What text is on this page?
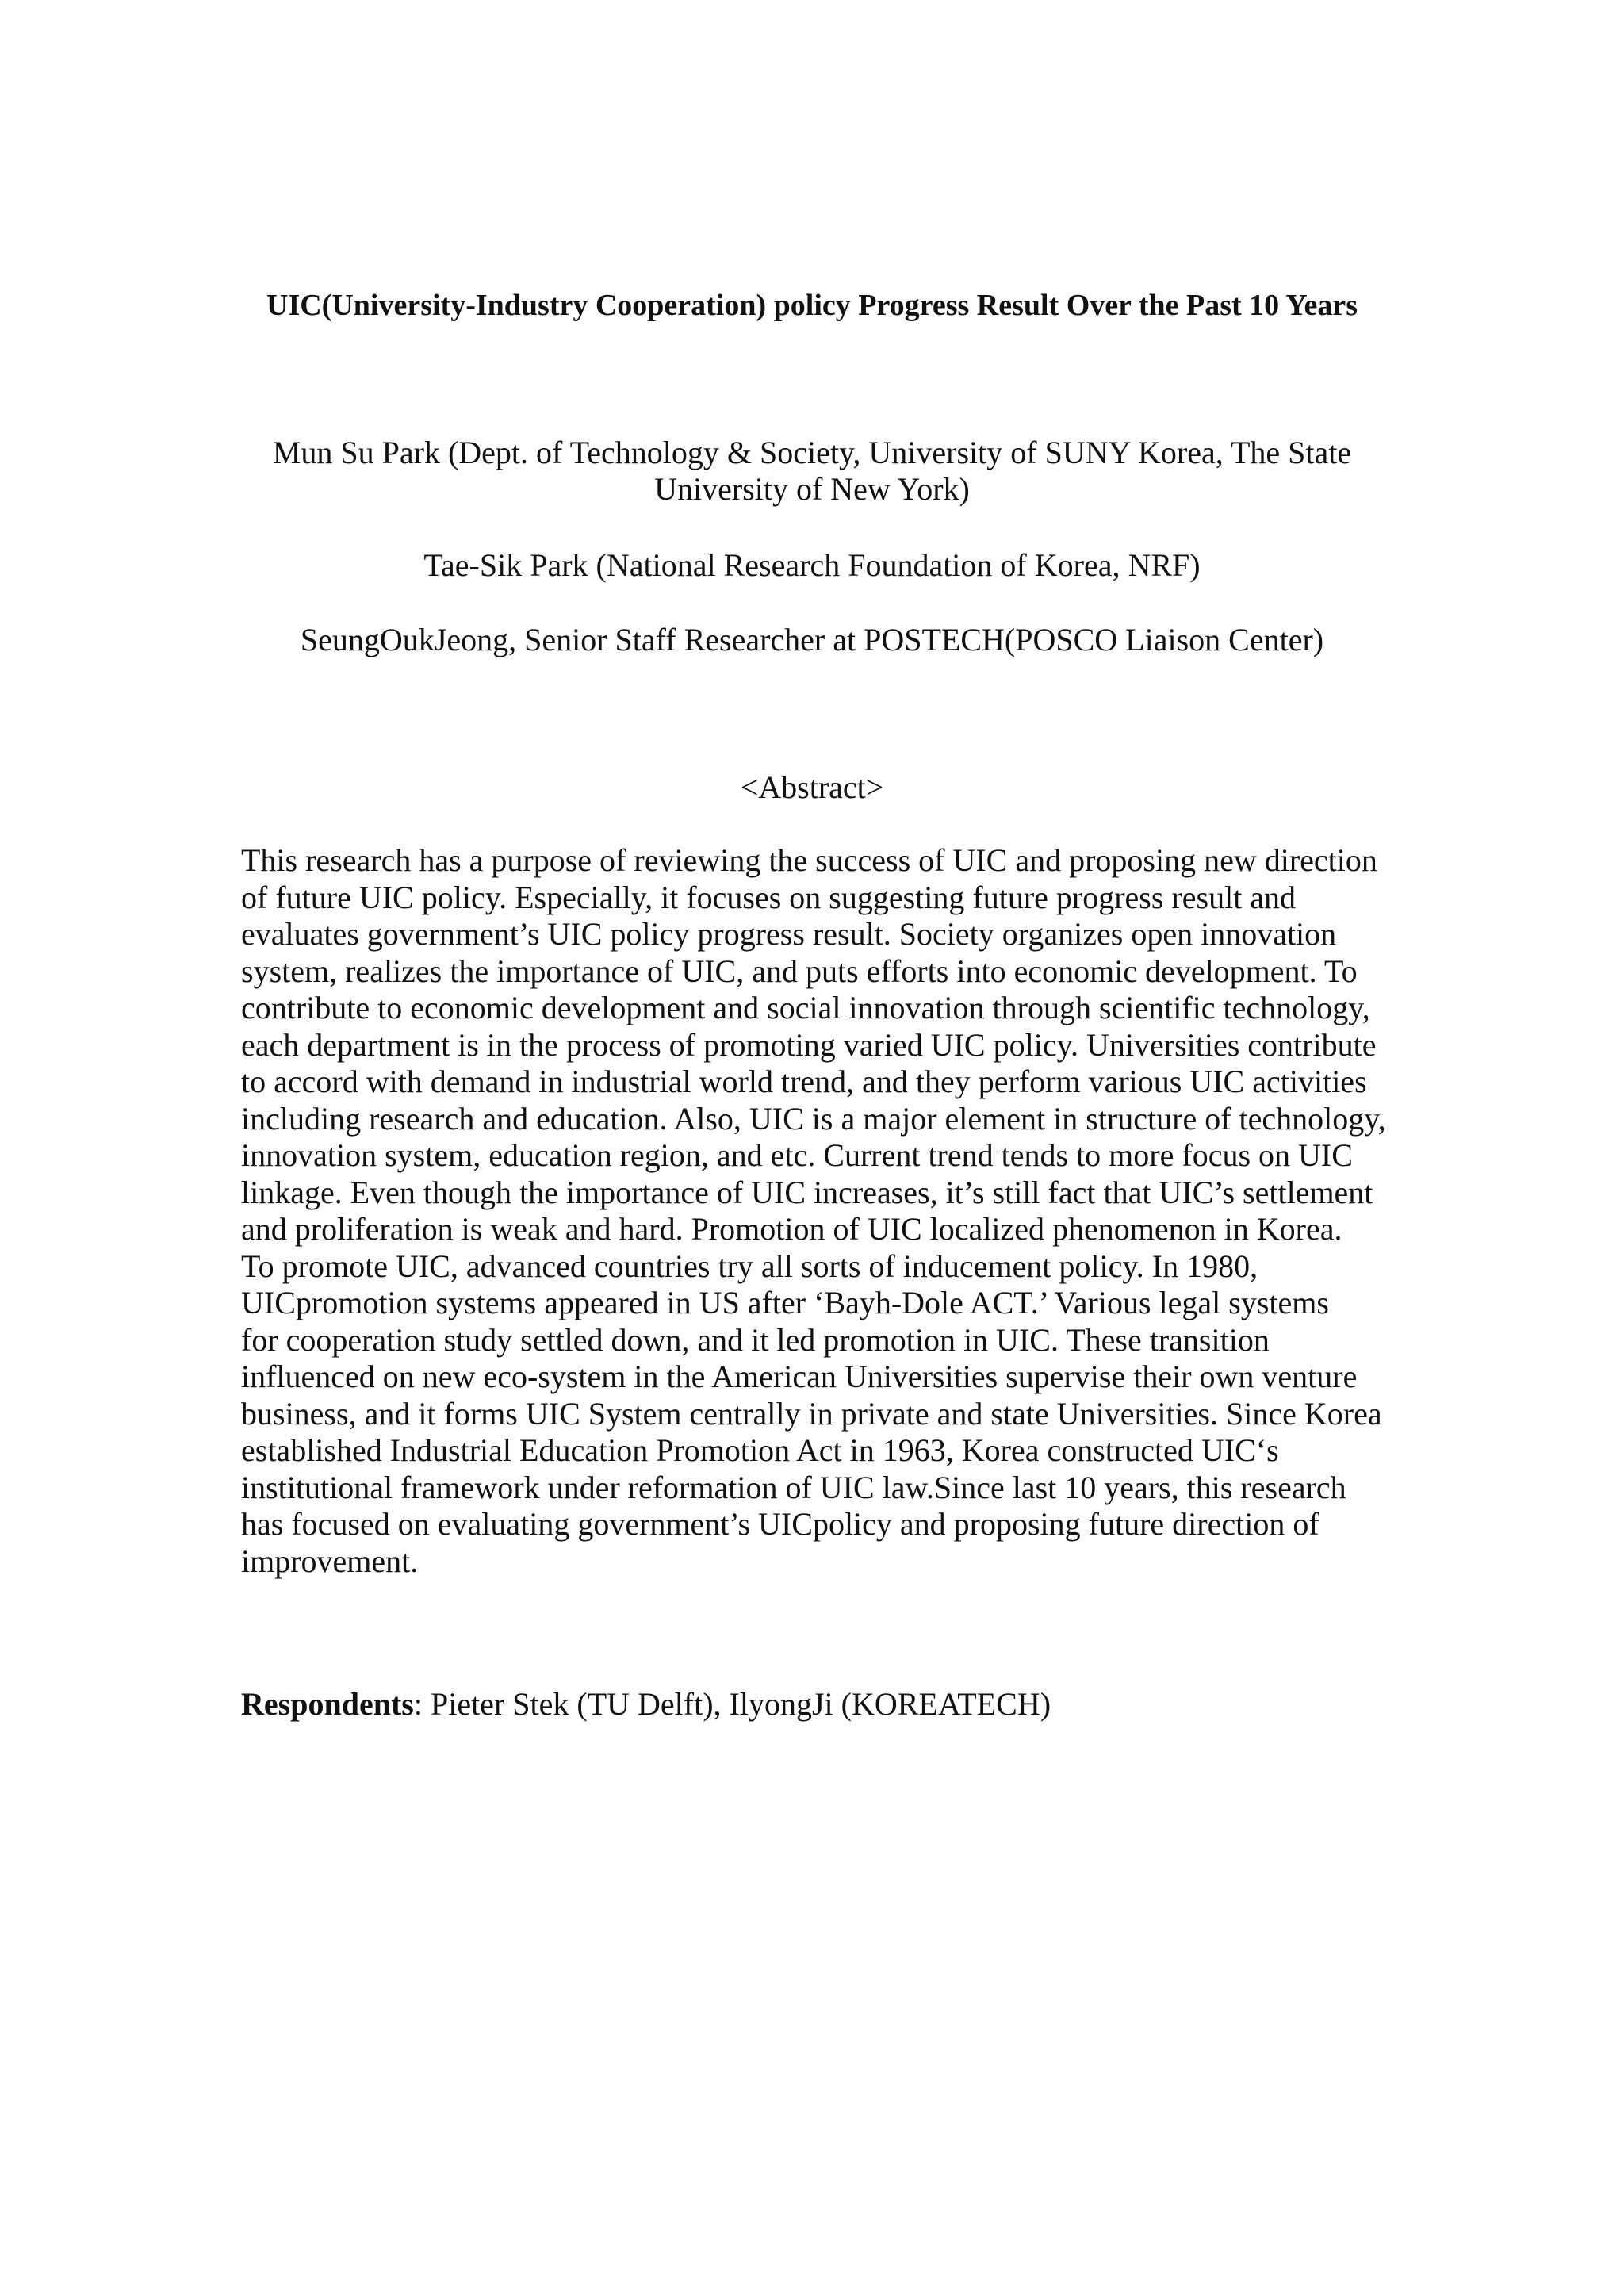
UIC(University-Industry Cooperation) policy Progress Result Over the Past 10 Years

Mun Su Park (Dept. of Technology & Society, University of SUNY Korea, The State University of New York)

Tae-Sik Park (National Research Foundation of Korea, NRF)

SeungOukJeong, Senior Staff Researcher at POSTECH(POSCO Liaison Center)

<Abstract>

This research has a purpose of reviewing the success of UIC and proposing new direction
of future UIC policy. Especially, it focuses on suggesting future progress result and
evaluates government’s UIC policy progress result. Society organizes open innovation
system, realizes the importance of UIC, and puts efforts into economic development. To
contribute to economic development and social innovation through scientific technology,
each department is in the process of promoting varied UIC policy. Universities contribute
to accord with demand in industrial world trend, and they perform various UIC activities
including research and education. Also, UIC is a major element in structure of technology,
innovation system, education region, and etc. Current trend tends to more focus on UIC
linkage. Even though the importance of UIC increases, it’s still fact that UIC’s settlement
and proliferation is weak and hard. Promotion of UIC localized phenomenon in Korea.
To promote UIC, advanced countries try all sorts of inducement policy. In 1980,
UICpromotion systems appeared in US after ‘Bayh-Dole ACT.’ Various legal systems
for cooperation study settled down, and it led promotion in UIC. These transition
influenced on new eco-system in the American Universities supervise their own venture
business, and it forms UIC System centrally in private and state Universities. Since Korea
established Industrial Education Promotion Act in 1963, Korea constructed UIC‘s
institutional framework under reformation of UIC law.Since last 10 years, this research
has focused on evaluating government’s UICpolicy and proposing future direction of
improvement.

Respondents: Pieter Stek (TU Delft), IlyongJi (KOREATECH)
